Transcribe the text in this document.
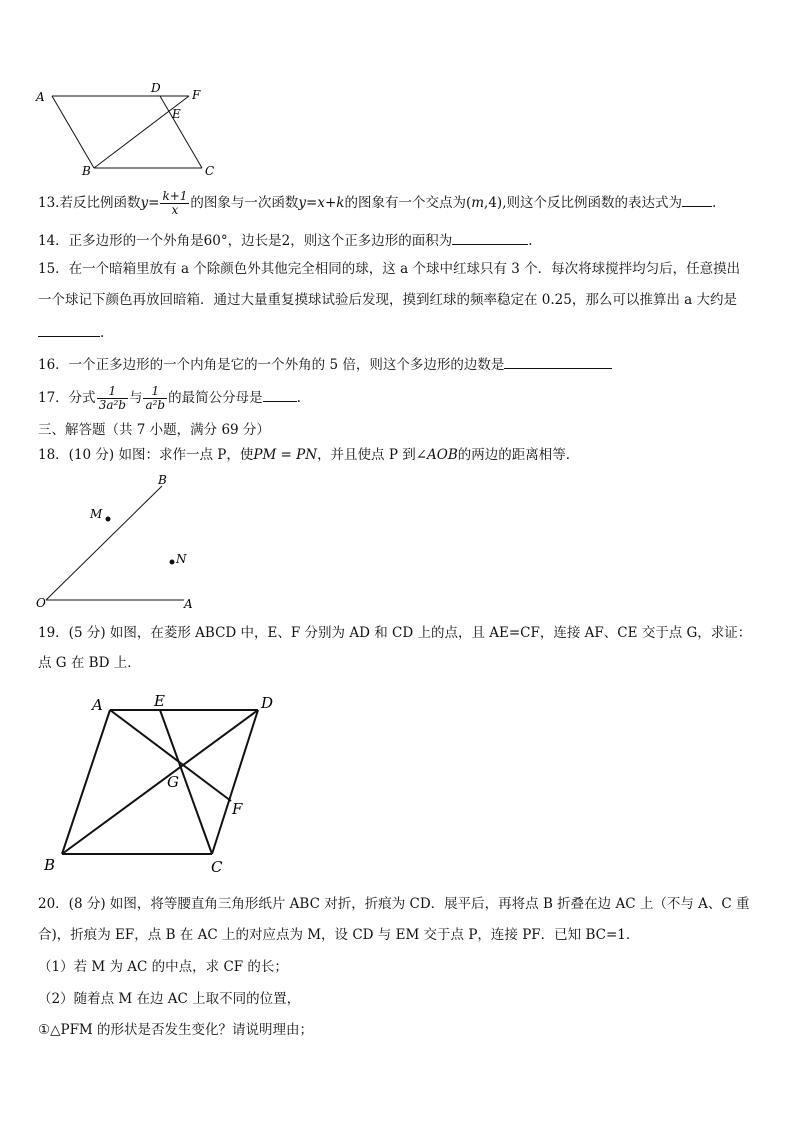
A
D	F
E
B	C
13.若反比例函数$y= \frac{k+1}{x}$ 的图象与一次函数y=x+k的图象有一个交点为(m,4),则这个反比例函数的表达式为 .
14．正多边形的一个外角是60°，边长是2，则这个正多边形的面积为	.
15．在一个暗箱里放有 a 个除颜色外其他完全相同的球，这 a 个球中红球只有 3 个．每次将球搅拌均匀后，任意摸出
一个球记下颜色再放回暗箱．通过大量重复摸球试验后发现，摸到红球的频率稳定在 0.25，那么可以推算出 a 大约是
.
16．一个正多边形的一个内角是它的一个外角的 5 倍，则这个多边形的边数是
17．分式 $\frac{1}{\text{3a²b}}$ 与 $\frac{1}{\text{a²b}}$ 的最简公分母是	.
三、解答题（共 7 小题，满分 69 分）
18．(10 分) 如图：求作一点 P，使PM = PN，并且使点 P 到∠AOB的两边的距离相等．
B
M
N
O	A
19．(5 分) 如图，在菱形 ABCD 中，E、F 分别为 AD 和 CD 上的点，且 AE=CF，连接 AF、CE 交于点 G，求证：
点 G 在 BD 上．
A	E	D
G
F
B	C
20．(8 分) 如图，将等腰直角三角形纸片 ABC 对折，折痕为 CD．展平后，再将点 B 折叠在边 AC 上（不与 A、C 重
合)，折痕为 EF，点 B 在 AC 上的对应点为 M，设 CD 与 EM 交于点 P，连接 PF．已知 BC=1．
（1）若 M 为 AC 的中点，求 CF 的长；
（2）随着点 M 在边 AC 上取不同的位置，
①△PFM 的形状是否发生变化？请说明理由；
